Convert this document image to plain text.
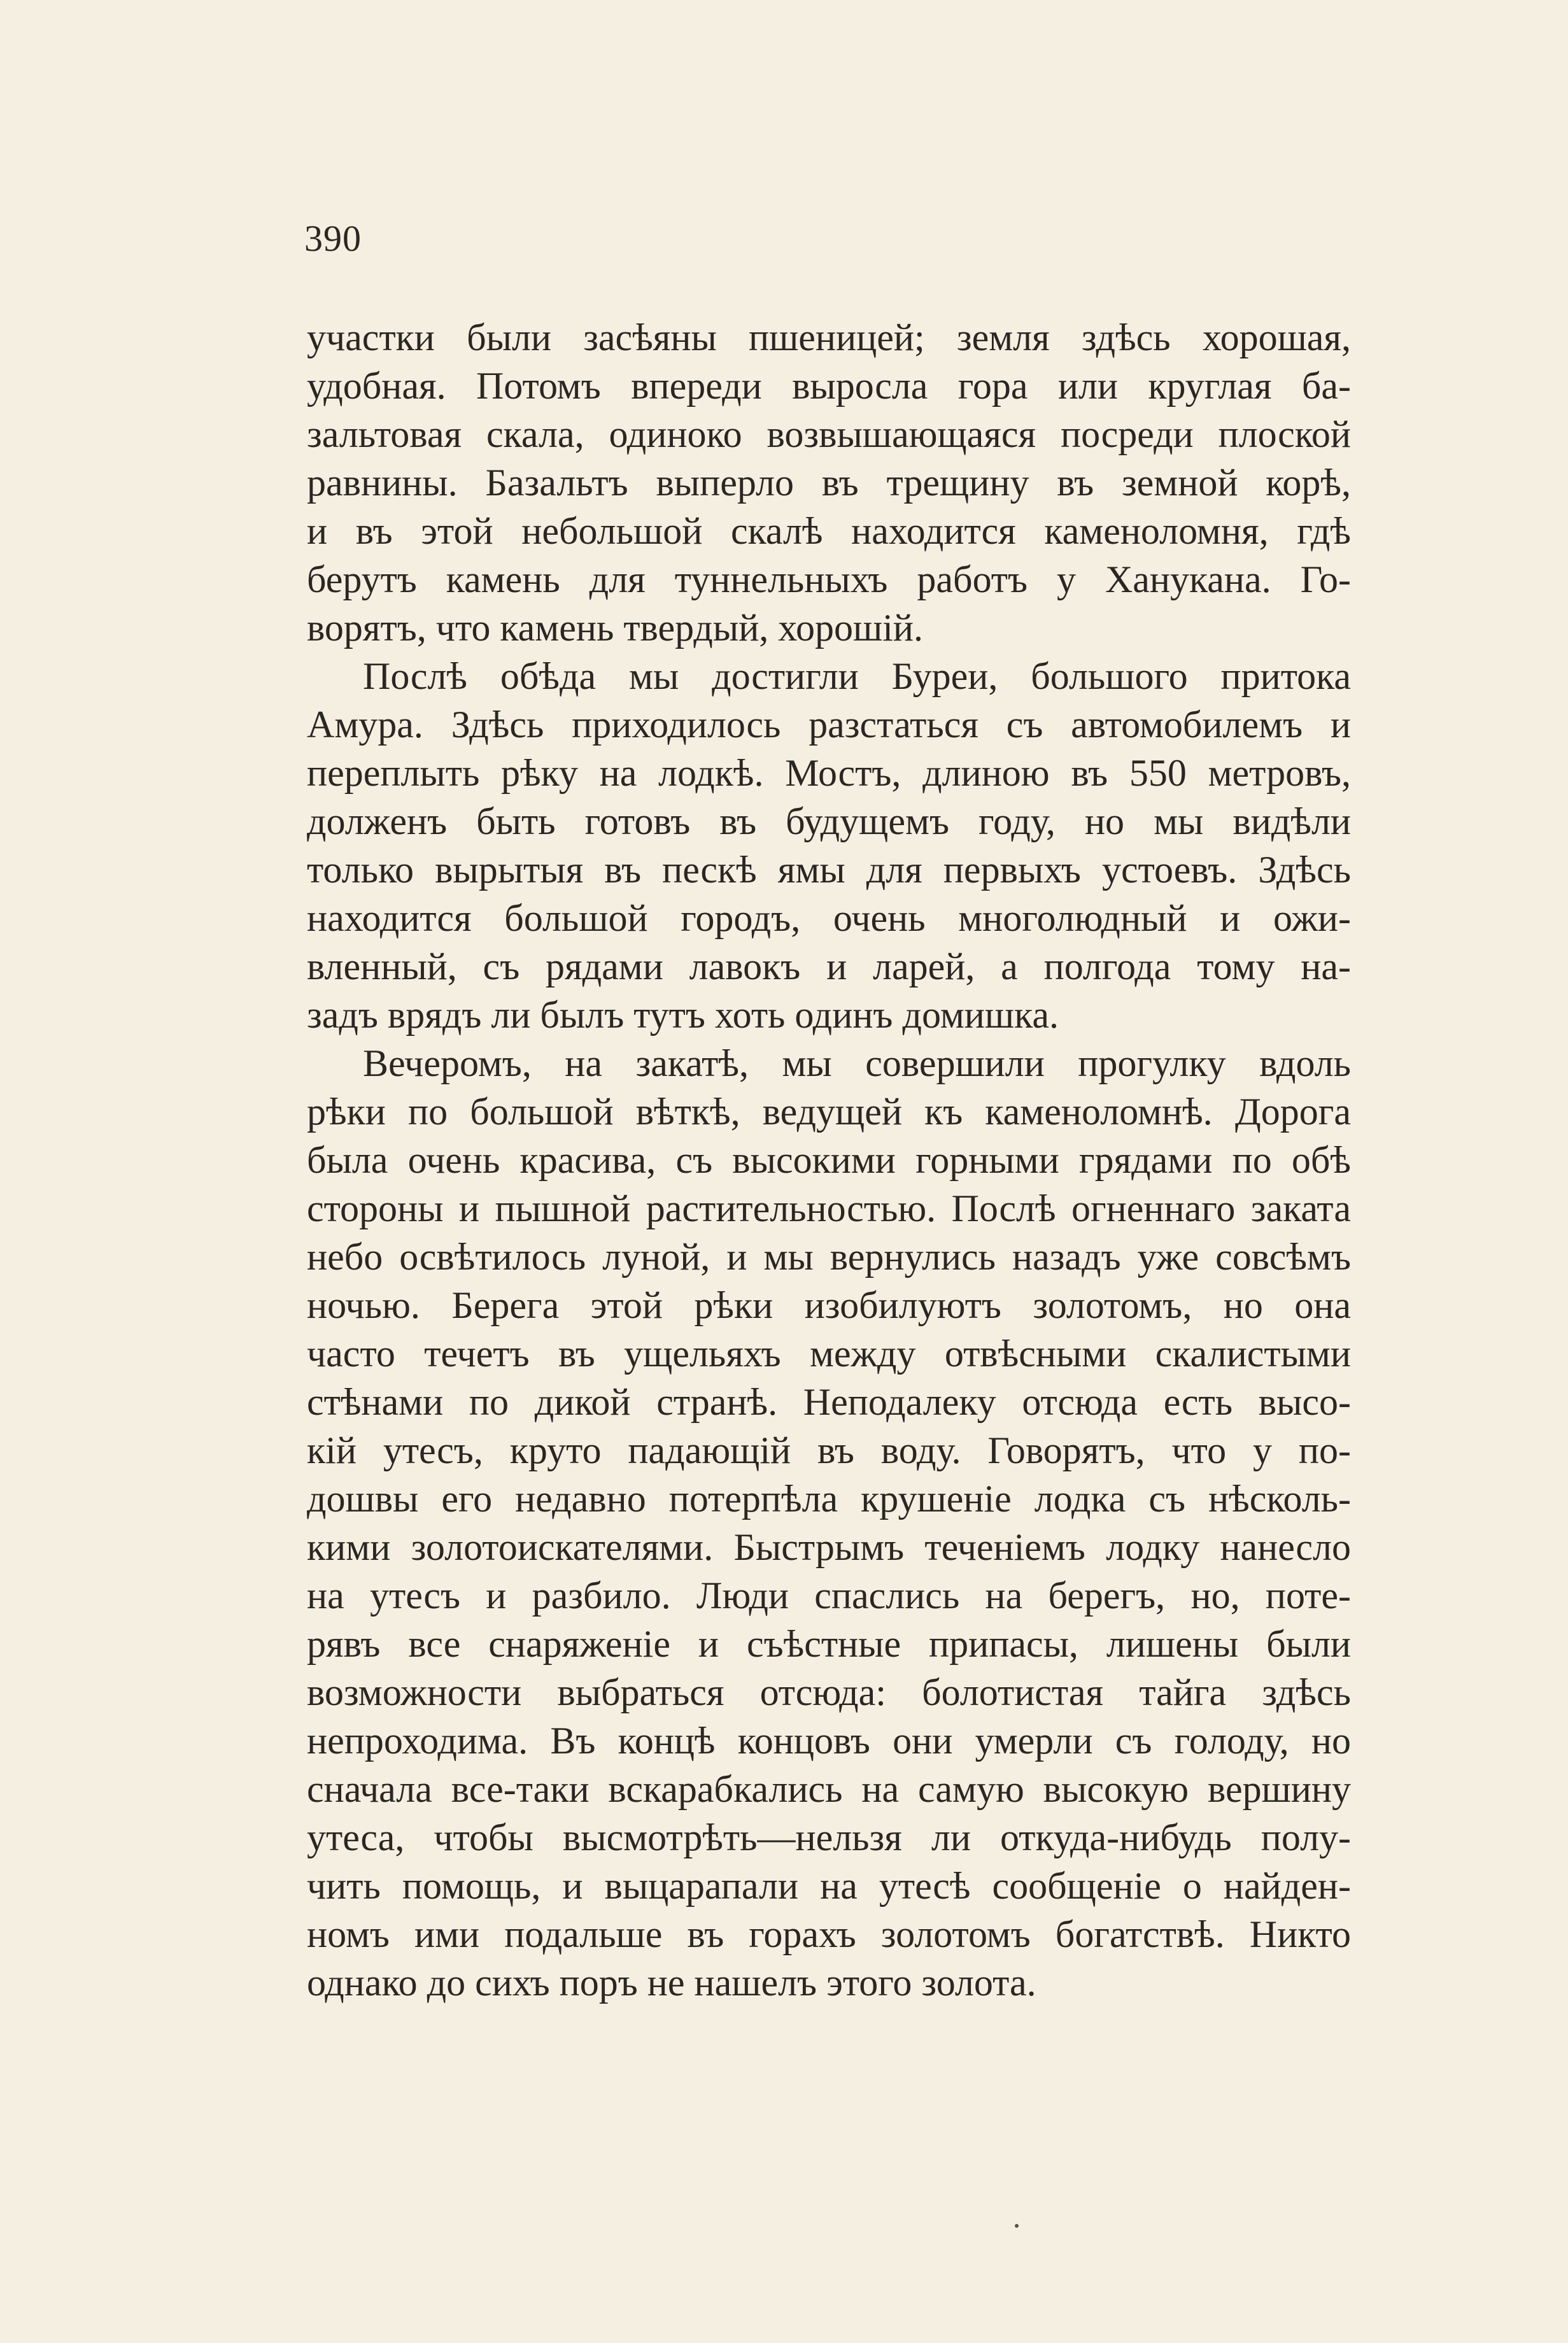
390
участки были засѣяны пшеницей; земля здѣсь хорошая,
удобная. Потомъ впереди выросла гора или круглая ба-
зальтовая скала, одиноко возвышающаяся посреди плоской
равнины. Базальтъ выперло въ трещину въ земной корѣ,
и въ этой небольшой скалѣ находится каменоломня, гдѣ
берутъ камень для туннельныхъ работъ у Ханукана. Го-
ворятъ, что камень твердый, хорошій.
Послѣ обѣда мы достигли Буреи, большого притока
Амура. Здѣсь приходилось разстаться съ автомобилемъ и
переплыть рѣку на лодкѣ. Мостъ, длиною въ 550 метровъ,
долженъ быть готовъ въ будущемъ году, но мы видѣли
только вырытыя въ пескѣ ямы для первыхъ устоевъ. Здѣсь
находится большой городъ, очень многолюдный и ожи-
вленный, съ рядами лавокъ и ларей, а полгода тому на-
задъ врядъ ли былъ тутъ хоть одинъ домишка.
Вечеромъ, на закатѣ, мы совершили прогулку вдоль
рѣки по большой вѣткѣ, ведущей къ каменоломнѣ. Дорога
была очень красива, съ высокими горными грядами по обѣ
стороны и пышной растительностью. Послѣ огненнаго заката
небо освѣтилось луной, и мы вернулись назадъ уже совсѣмъ
ночью. Берега этой рѣки изобилуютъ золотомъ, но она
часто течетъ въ ущельяхъ между отвѣсными скалистыми
стѣнами по дикой странѣ. Неподалеку отсюда есть высо-
кій утесъ, круто падающій въ воду. Говорятъ, что у по-
дошвы его недавно потерпѣла крушеніе лодка съ нѣсколь-
кими золотоискателями. Быстрымъ теченіемъ лодку нанесло
на утесъ и разбило. Люди спаслись на берегъ, но, поте-
рявъ все снаряженіе и съѣстные припасы, лишены были
возможности выбраться отсюда: болотистая тайга здѣсь
непроходима. Въ концѣ концовъ они умерли съ голоду, но
сначала все-таки вскарабкались на самую высокую вершину
утеса, чтобы высмотрѣть—нельзя ли откуда-нибудь полу-
чить помощь, и выцарапали на утесѣ сообщеніе о найден-
номъ ими подальше въ горахъ золотомъ богатствѣ. Никто
однако до сихъ поръ не нашелъ этого золота.
